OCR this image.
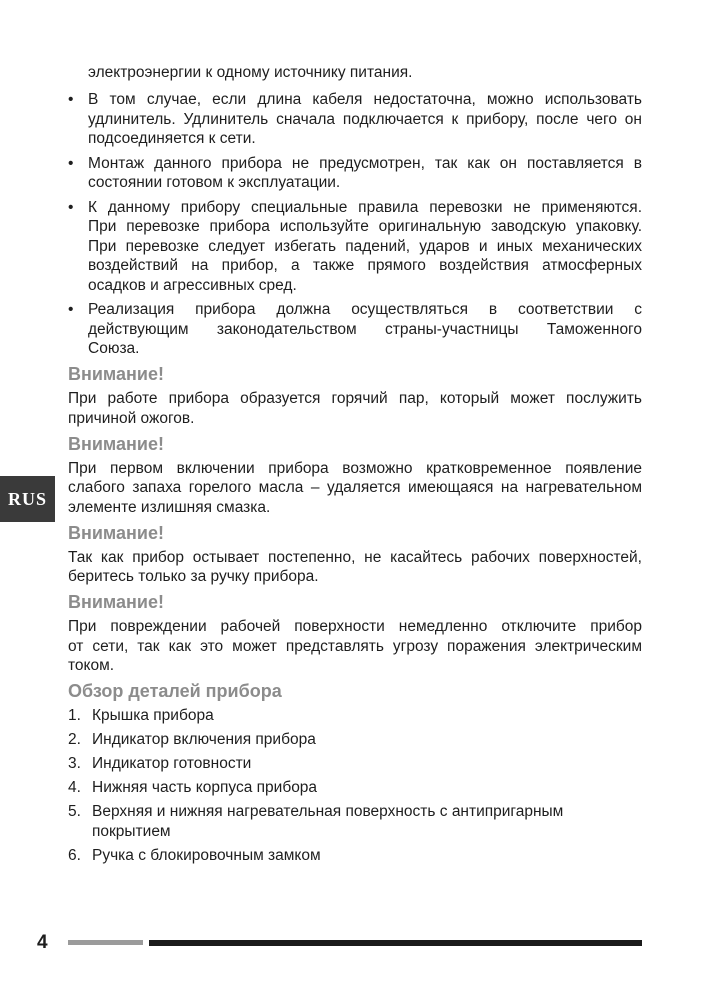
RUS
электроэнергии к одному источнику питания.
• В том случае, если длина кабеля недостаточна, можно использовать
удлинитель. Удлинитель сначала подключается к прибору, после чего он
подсоединяется к сети.
• Монтаж данного прибора не предусмотрен, так как он поставляется в
состоянии готовом к эксплуатации.
• К данному прибору специальные правила перевозки не применяются.
При перевозке прибора используйте оригинальную заводскую упаковку.
При перевозке следует избегать падений, ударов и иных механических
воздействий на прибор, а также прямого воздействия атмосферных
осадков и агрессивных сред.
• Реализация прибора должна осуществляться в соответствии с
действующим законодательством страны-участницы Таможенного
Союза.
Внимание!
При работе прибора образуется горячий пар, который может послужить
причиной ожогов.
Внимание!
При первом включении прибора возможно кратковременное появление
слабого запаха горелого масла – удаляется имеющаяся на нагревательном
элементе излишняя смазка.
Внимание!
Так как прибор остывает постепенно, не касайтесь рабочих поверхностей,
беритесь только за ручку прибора.
Внимание!
При повреждении рабочей поверхности немедленно отключите прибор
от сети, так как это может представлять угрозу поражения электрическим
током.
Обзор деталей прибора
1. Крышка прибора
2. Индикатор включения прибора
3. Индикатор готовности
4. Нижняя часть корпуса прибора
5. Верхняя и нижняя нагревательная поверхность с антипригарным
покрытием
6. Ручка с блокировочным замком
4
